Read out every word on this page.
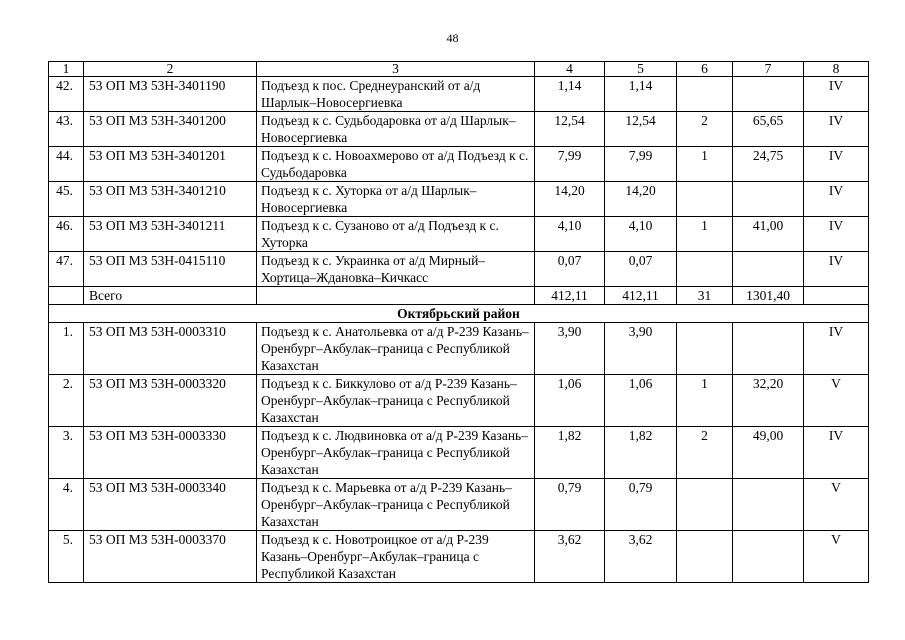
48
1	2	3	4	5	6	7	8
42.	53 ОП МЗ 53Н-3401190	Подъезд к пос. Среднеуранский от а/д Шарлык–Новосергиевка	1,14	1,14			IV
43.	53 ОП МЗ 53Н-3401200	Подъезд к с. Судьбодаровка от а/д Шарлык–Новосергиевка	12,54	12,54	2	65,65	IV
44.	53 ОП МЗ 53Н-3401201	Подъезд к с. Новоахмерово от а/д Подъезд к с. Судьбодаровка	7,99	7,99	1	24,75	IV
45.	53 ОП МЗ 53Н-3401210	Подъезд к с. Хуторка от а/д Шарлык–Новосергиевка	14,20	14,20			IV
46.	53 ОП МЗ 53Н-3401211	Подъезд к с. Сузаново от а/д Подъезд к с. Хуторка	4,10	4,10	1	41,00	IV
47.	53 ОП МЗ 53Н-0415110	Подъезд к с. Украинка от а/д Мирный–Хортица–Ждановка–Кичкасс	0,07	0,07			IV
	Всего		412,11	412,11	31	1301,40	
Октябрьский район							
1.	53 ОП МЗ 53Н-0003310	Подъезд к с. Анатольевка от а/д Р-239 Казань–Оренбург–Акбулак–граница с Республикой Казахстан	3,90	3,90			IV
2.	53 ОП МЗ 53Н-0003320	Подъезд к с. Биккулово от а/д Р-239 Казань–Оренбург–Акбулак–граница с Республикой Казахстан	1,06	1,06	1	32,20	V
3.	53 ОП МЗ 53Н-0003330	Подъезд к с. Людвиновка от а/д Р-239 Казань–Оренбург–Акбулак–граница с Республикой Казахстан	1,82	1,82	2	49,00	IV
4.	53 ОП МЗ 53Н-0003340	Подъезд к с. Марьевка от а/д Р-239 Казань–Оренбург–Акбулак–граница с Республикой Казахстан	0,79	0,79			V
5.	53 ОП МЗ 53Н-0003370	Подъезд к с. Новотроицкое от а/д Р-239 Казань–Оренбург–Акбулак–граница с Республикой Казахстан	3,62	3,62			V
